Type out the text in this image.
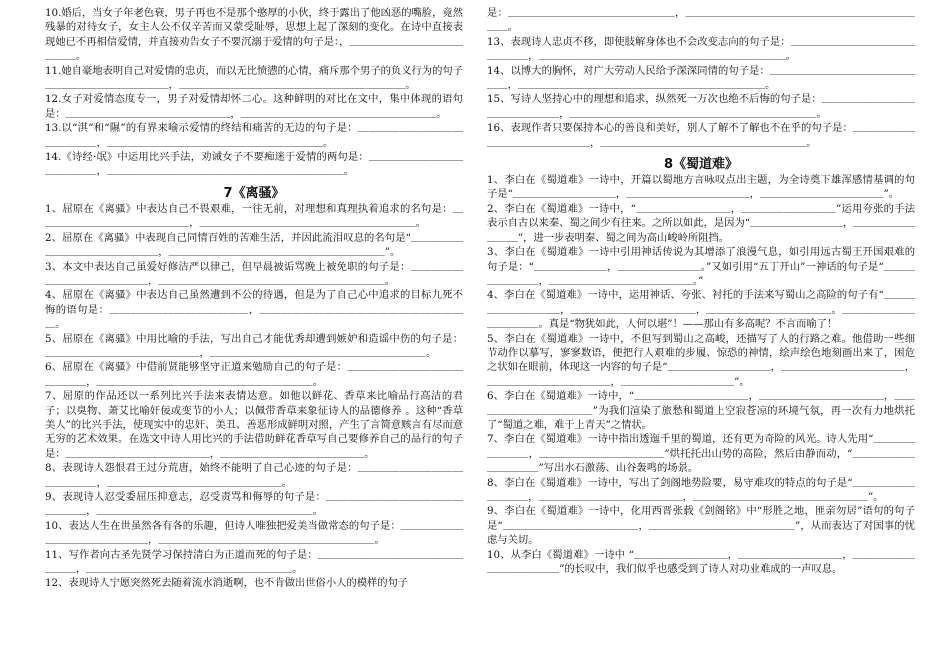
10.婚后，当女子年老色衰，男子再也不是那个憨厚的小伙，终于露出了他凶恶的嘴脸，竟然残暴的对待女子，女主人公不仅辛苦而又蒙受耻辱，思想上起了深刻的变化。在诗中直接表现她已不再相信爱情，并直接劝告女子不要沉溺于爱情的句子是：，＿＿＿＿＿＿＿＿＿＿＿＿＿＿。

11.她自豪地表明自己对爱情的忠贞，而以无比愤懑的心情，痛斥那个男子的负义行为的句子＿＿＿＿＿＿＿＿＿＿＿＿，＿＿＿＿＿＿＿＿＿＿＿＿＿＿＿＿＿＿＿＿＿＿。

12.女子对爱情态度专一，男子对爱情却怀二心。这种鲜明的对比在文中，集中体现的语句是：＿＿＿＿＿＿＿＿＿＿＿＿＿＿＿＿，＿＿＿＿＿＿＿＿＿＿＿＿＿＿＿＿＿＿＿。

13.以“淇”和“隰”的有界来喻示爱情的终结和痛苦的无边的句子是：＿＿＿＿＿＿＿＿＿＿＿＿＿＿＿，＿＿＿＿＿＿＿＿＿＿＿＿＿＿＿＿＿＿＿＿＿。

14.《诗经·氓》中运用比兴手法，劝诫女子不要痴迷于爱情的两句是：＿＿＿＿＿＿＿＿＿＿＿＿＿＿，＿＿＿＿＿＿＿＿＿＿＿＿＿＿＿＿＿＿＿＿＿＿＿。

7《离骚》

1、屈原在《离骚》中表达自己不畏艰难，一往无前，对理想和真理执着追求的名句是：＿＿＿＿＿＿＿＿＿＿＿＿＿＿＿，＿＿＿＿＿＿＿＿＿＿＿＿＿＿＿＿＿＿＿＿＿。

2、屈原在《离骚》中表现自己同情百姓的苦难生活，并因此流泪叹息的名句是“＿＿＿＿＿＿＿＿＿＿＿＿＿＿＿＿，＿＿＿＿＿＿＿＿＿＿＿＿＿＿＿＿＿＿＿＿＿”。

3、本文中表达自己虽爱好修洁严以律己，但早晨被诟骂晚上被免职的句子是：＿＿＿＿＿＿＿＿＿＿＿＿＿＿＿，＿＿＿＿＿＿＿＿＿＿＿＿＿＿＿＿＿＿＿＿＿＿。

4、屈原在《离骚》中表达自己虽然遭到不公的待遇，但是为了自己心中追求的目标九死不悔的语句是：＿＿＿＿＿＿＿＿＿＿＿＿＿，＿＿＿＿＿＿＿＿＿＿＿＿＿＿＿＿＿＿＿＿。

5、屈原在《离骚》中用比喻的手法，写出自己才能优秀却遭到嫉妒和造谣中伤的句子是：＿＿＿＿＿＿＿＿＿＿＿＿＿＿＿，＿＿＿＿＿＿＿＿＿＿＿＿＿＿＿＿＿＿＿＿＿。

6、屈原在《离骚》中借前贤能够坚守正道来勉励自己的句子是：＿＿＿＿＿＿＿＿＿＿＿＿＿＿＿，＿＿＿＿＿＿＿＿＿＿＿＿＿＿＿＿＿＿＿＿＿。

7、屈原的作品还以一系列比兴手法来表情达意。如他以鲜花、香草来比喻品行高洁的君子；以臭物、萧艾比喻奸佞或变节的小人；以佩带香草来象征诗人的品德修养 。这种“香草美人”的比兴手法，使现实中的忠奸、美丑、善恶形成鲜明对照，产生了言简意赅言有尽而意无穷的艺术效果。在选文中诗人用比兴的手法借助鲜花香草写自己要修养自己的品行的句子是：＿＿＿＿＿＿＿＿＿＿＿＿＿＿，＿＿＿＿＿＿＿＿＿＿＿＿＿＿。

8、表现诗人怨恨君王过分荒唐，始终不能明了自己心迹的句子是：＿＿＿＿＿＿＿＿＿＿＿＿＿＿＿，＿＿＿＿＿＿＿＿＿＿＿＿＿＿＿＿＿。

9、表现诗人忍受委屈压抑意志，忍受责骂和侮辱的句子是：＿＿＿＿＿＿＿＿＿＿＿＿＿＿＿＿＿，＿＿＿＿＿＿＿＿＿＿＿＿＿＿＿＿＿＿＿＿＿。

10、表达人生在世虽然各有各的乐趣，但诗人唯独把爱美当做常态的句子是：＿＿＿＿＿＿＿＿＿＿＿＿＿＿＿＿，＿＿＿＿＿＿＿＿＿＿＿＿＿＿＿＿＿＿＿＿＿。

11、写作者向古圣先贤学习保持清白为正道而死的句子是：＿＿＿＿＿＿＿＿＿＿＿＿＿＿＿＿＿，＿＿＿＿＿＿＿＿＿＿＿＿＿＿＿＿＿＿＿＿。

12、表现诗人宁愿突然死去随着流水消逝啊，也不肯做出世俗小人的模样的句子

是：＿＿＿＿＿＿＿＿＿＿＿＿＿＿＿＿，＿＿＿＿＿＿＿＿＿＿＿＿＿＿＿＿＿＿＿＿＿＿＿＿。

13、表现诗人忠贞不移，即使肢解身体也不会改变志向的句子是：＿＿＿＿＿＿＿＿＿＿＿＿＿＿＿＿，＿＿＿＿＿＿＿＿＿＿＿＿＿＿＿＿＿＿＿＿＿＿＿＿。

14、以博大的胸怀，对广大劳动人民给予深深同情的句子是：＿＿＿＿＿＿＿＿＿＿＿＿＿＿＿＿，＿＿＿＿＿＿＿＿＿＿＿＿＿＿＿＿＿＿＿＿＿＿＿＿。

15、写诗人坚持心中的理想和追求，纵然死一万次也绝不后悔的句子是：＿＿＿＿＿＿＿＿＿＿＿＿＿＿＿＿，＿＿＿＿＿＿＿＿＿＿＿＿＿＿＿＿＿＿＿＿＿＿＿＿。

16、表现作者只要保持本心的善良和美好，别人了解不了解也不在乎的句子是：＿＿＿＿＿＿＿＿＿＿＿＿＿＿＿＿，＿＿＿＿＿＿＿＿＿＿＿＿＿＿＿＿＿＿＿＿。

8《蜀道难》

1、李白在《蜀道难》一诗中，开篇以蜀地方言咏叹点出主题，为全诗奠下雄浑感情基调的句子是“＿＿＿＿＿＿＿＿＿＿，＿＿＿＿＿＿＿＿＿＿＿＿，＿＿＿＿＿＿＿＿＿＿＿＿”。

2、李白在《蜀道难》一诗中，“＿＿＿＿＿＿＿＿＿，＿＿＿＿＿＿＿＿＿”运用夸张的手法表示自古以来秦、蜀之间少有往来。之所以如此，是因为“＿＿＿＿＿＿＿＿＿，＿＿＿＿＿＿＿＿＿”，进一步表明秦、蜀之间为高山峻岭所阻挡。

3、李白在《蜀道难》一诗中引用神话传说为其增添了浪漫气息，如引用远古蜀王开国艰难的句子是：“＿＿＿＿＿＿＿，＿＿＿＿＿＿＿＿。”又如引用“五丁开山”一神话的句子是“＿＿＿＿＿＿＿＿，＿＿＿＿＿＿＿＿＿＿＿＿＿＿。”

4、李白在《蜀道难》一诗中，运用神话、夸张、衬托的手法来写蜀山之高险的句子有“＿＿＿＿＿＿＿＿＿＿，＿＿＿＿＿＿＿＿＿＿＿＿，＿＿＿＿＿＿＿＿＿＿＿＿。＿＿＿＿＿＿＿＿＿＿＿＿。真是“物犹如此，人何以堪”！——那山有多高呢？不言而喻了！

5、李白在《蜀道难》一诗中，不但写到蜀山之高峻，还描写了人的行路之难。他借助一些细节动作以摹写，寥寥数语，便把行人艰难的步履、惊恐的神情，绘声绘色地刻画出来了，困危之状如在眼前，体现这一内容的句子是“＿＿＿＿＿＿＿＿＿＿，＿＿＿＿＿＿＿＿＿＿＿＿，＿＿＿＿＿＿＿＿＿＿＿＿，＿＿＿＿＿＿＿＿＿＿＿”。

6、李白在《蜀道难》一诗中，“＿＿＿＿＿＿＿＿＿＿＿，＿＿＿＿＿＿＿＿＿＿＿＿，＿＿＿＿＿＿＿＿＿＿＿＿”为我们渲染了旅愁和蜀道上空寂苍凉的环境气氛，再一次有力地烘托了“蜀道之难，难于上青天”之情状。

7、李白在《蜀道难》一诗中指出透迤千里的蜀道，还有更为奇险的风光。诗人先用“＿＿＿＿＿＿＿＿，＿＿＿＿＿＿＿＿＿＿＿＿”烘托托出山势的高险，然后由静而动，“＿＿＿＿＿＿＿＿＿＿＿”写出水石激荡、山谷轰鸣的场景。

8、李白在《蜀道难》一诗中，写出了剑阁地势险要，易守难攻的特点的句子是“＿＿＿＿＿＿＿＿＿＿，＿＿＿＿＿＿＿＿＿＿＿＿＿＿，＿＿＿＿＿＿＿＿＿＿＿＿＿＿＿＿＿”。

9、李白在《蜀道难》一诗中，化用西晋张载《剑阁铭》中“形胜之地，匪亲勿居”语句的句子是“＿＿＿＿＿＿＿＿＿＿＿＿＿，＿＿＿＿＿＿＿＿＿＿＿＿＿＿”，从而表达了对国事的忧虑与关切。

10、从李白《蜀道难》一诗中 “＿＿＿＿＿＿＿＿＿，＿＿＿＿＿＿＿＿＿＿，＿＿＿＿＿＿＿＿＿＿＿＿＿”的长叹中，我们似乎也感受到了诗人对功业难成的一声叹息。
